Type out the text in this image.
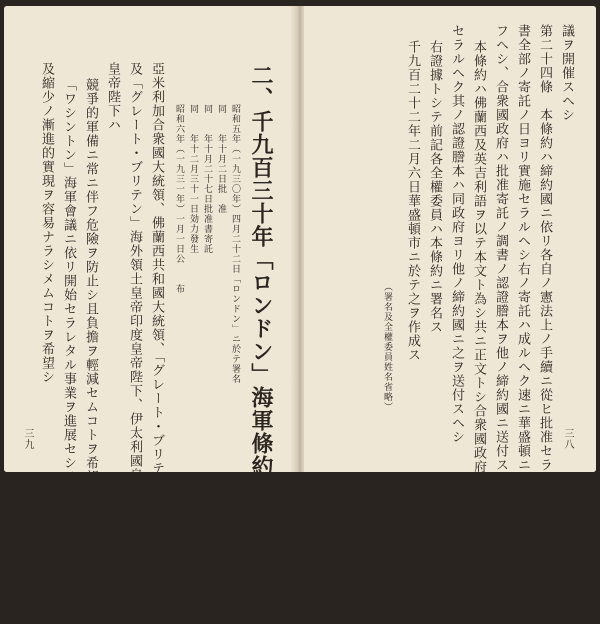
二、千九百三十年「ロンドン」海軍條約
昭和五年（一九三〇年）四月二十二日「ロンドン」ニ於テ署名
同　　年十月二日批　准
同　　年十月二十七日批准書寄託
同　　年十二月三十一日効力發生
昭和六年（一九三一年）一月一日公　　布
亞米利加合衆國大統領、佛蘭西共和國大統領、「グレート・ブリテン」「アイルランド」
及「グレート・ブリテン」海外領土皇帝印度皇帝陛下、伊太利國皇帝陛下並ニ日本國
皇帝陛下ハ
競爭的軍備ニ常ニ伴フ危險ヲ防止シ且負擔ヲ輕減セムコトヲ希望シ且
「ワシントン」海軍會議ニ依リ開始セラレタル事業ヲ進展セシメ且軍備ノ一般的ノ制限
及縮少ノ漸進的實現ヲ容易ナラシメムコトヲ希望シ
三九
議ヲ開催スヘシ
第二十四條　本條約ハ締約國ニ依リ各自ノ憲法上ノ手續ニ從ヒ批准セラルヘキ且批准
書全部ノ寄託ノ日ヨリ實施セラルヘシ右ノ寄託ハ成ルヘク速ニ華盛頓ニ於テ之ヲ行
フヘシ、合衆國政府ハ批准寄託ノ調書ノ認證謄本ヲ他ノ締約國ニ送付スヘシ
本條約ハ佛蘭西及英吉利語ヲ以テ本文ト為シ共ニ正文トシ合衆國政府ノ記錄ニ寄託保存
セラルヘク其ノ認證謄本ハ同政府ヨリ他ノ締約國ニ之ヲ送付スヘシ
右證據トシテ前記各全權委員ハ本條約ニ署名ス
千九百二十二年二月六日華盛頓市ニ於テ之ヲ作成ス
（署名及全權委員姓名省略）
三八
